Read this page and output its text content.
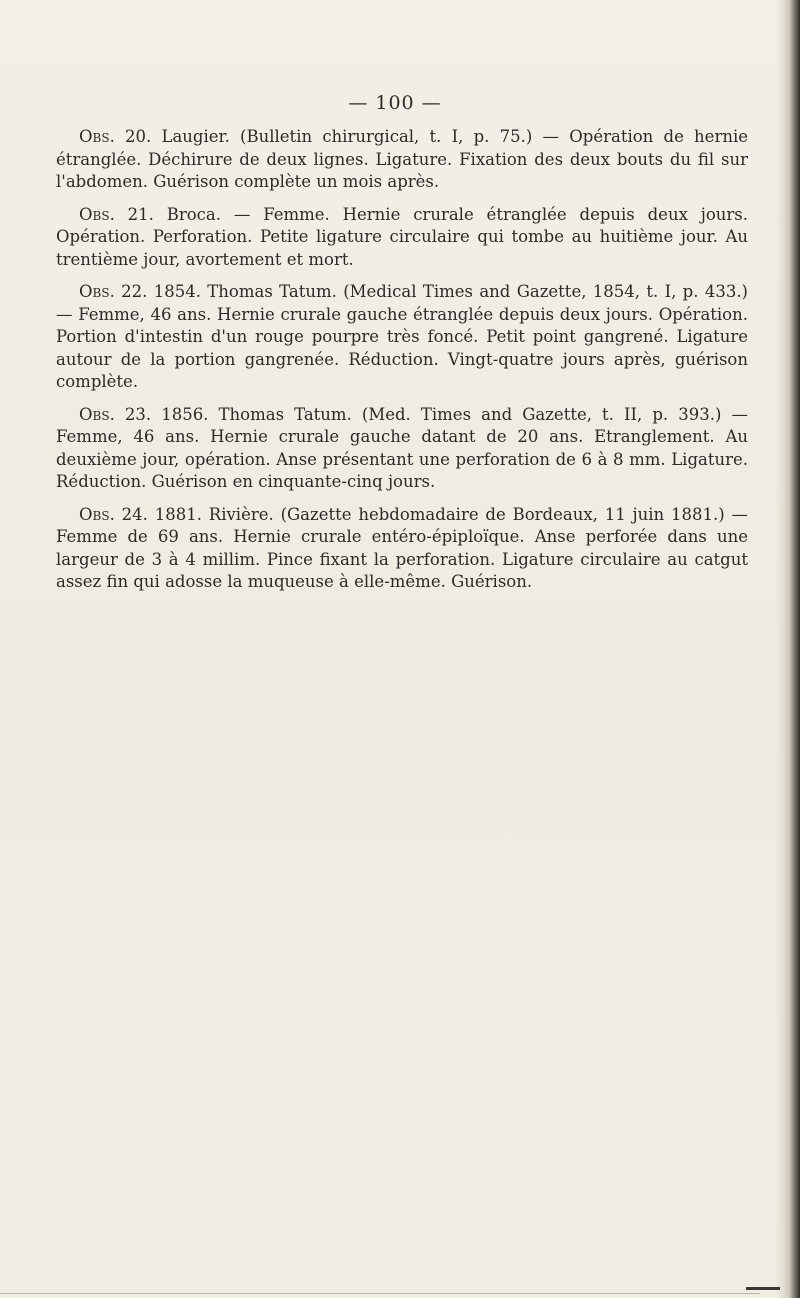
— 100 —

Obs. 20. Laugier. (Bulletin chirurgical, t. I, p. 75.) — Opération de hernie étranglée. Déchirure de deux lignes. Ligature. Fixation des deux bouts du fil sur l'abdomen. Guérison complète un mois après.

Obs. 21. Broca. — Femme. Hernie crurale étranglée depuis deux jours. Opération. Perforation. Petite ligature circulaire qui tombe au huitième jour. Au trentième jour, avortement et mort.

Obs. 22. 1854. Thomas Tatum. (Medical Times and Gazette, 1854, t. I, p. 433.) — Femme, 46 ans. Hernie crurale gauche étranglée depuis deux jours. Opération. Portion d'intestin d'un rouge pourpre très foncé. Petit point gangrené. Ligature autour de la portion gangrenée. Réduction. Vingt-quatre jours après, guérison complète.

Obs. 23. 1856. Thomas Tatum. (Med. Times and Gazette, t. II, p. 393.) — Femme, 46 ans. Hernie crurale gauche datant de 20 ans. Etranglement. Au deuxième jour, opération. Anse présentant une perforation de 6 à 8 mm. Ligature. Réduction. Guérison en cinquante-cinq jours.

Obs. 24. 1881. Rivière. (Gazette hebdomadaire de Bordeaux, 11 juin 1881.) — Femme de 69 ans. Hernie crurale entéro-épiploïque. Anse perforée dans une largeur de 3 à 4 millim. Pince fixant la perforation. Ligature circulaire au catgut assez fin qui adosse la muqueuse à elle-même. Guérison.
